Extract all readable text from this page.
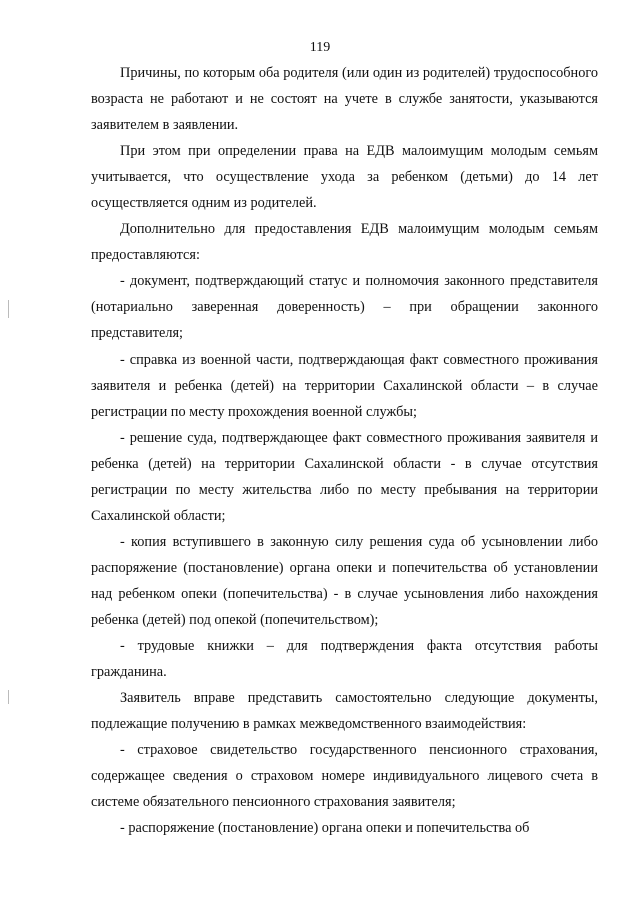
119

Причины, по которым оба родителя (или один из родителей) трудоспособного возраста не работают и не состоят на учете в службе занятости, указываются заявителем в заявлении.

При этом при определении права на ЕДВ малоимущим молодым семьям учитывается, что осуществление ухода за ребенком (детьми) до 14 лет осуществляется одним из родителей.

Дополнительно для предоставления ЕДВ малоимущим молодым семьям предоставляются:

- документ, подтверждающий статус и полномочия законного представителя (нотариально заверенная доверенность) – при обращении законного представителя;

- справка из военной части, подтверждающая факт совместного проживания заявителя и ребенка (детей) на территории Сахалинской области – в случае регистрации по месту прохождения военной службы;

- решение суда, подтверждающее факт совместного проживания заявителя и ребенка (детей) на территории Сахалинской области - в случае отсутствия регистрации по месту жительства либо по месту пребывания на территории Сахалинской области;

- копия вступившего в законную силу решения суда об усыновлении либо распоряжение (постановление) органа опеки и попечительства об установлении над ребенком опеки (попечительства) - в случае усыновления либо нахождения ребенка (детей) под опекой (попечительством);

- трудовые книжки – для подтверждения факта отсутствия работы гражданина.

Заявитель вправе представить самостоятельно следующие документы, подлежащие получению в рамках межведомственного взаимодействия:

- страховое свидетельство государственного пенсионного страхования, содержащее сведения о страховом номере индивидуального лицевого счета в системе обязательного пенсионного страхования заявителя;

- распоряжение (постановление) органа опеки и попечительства об
